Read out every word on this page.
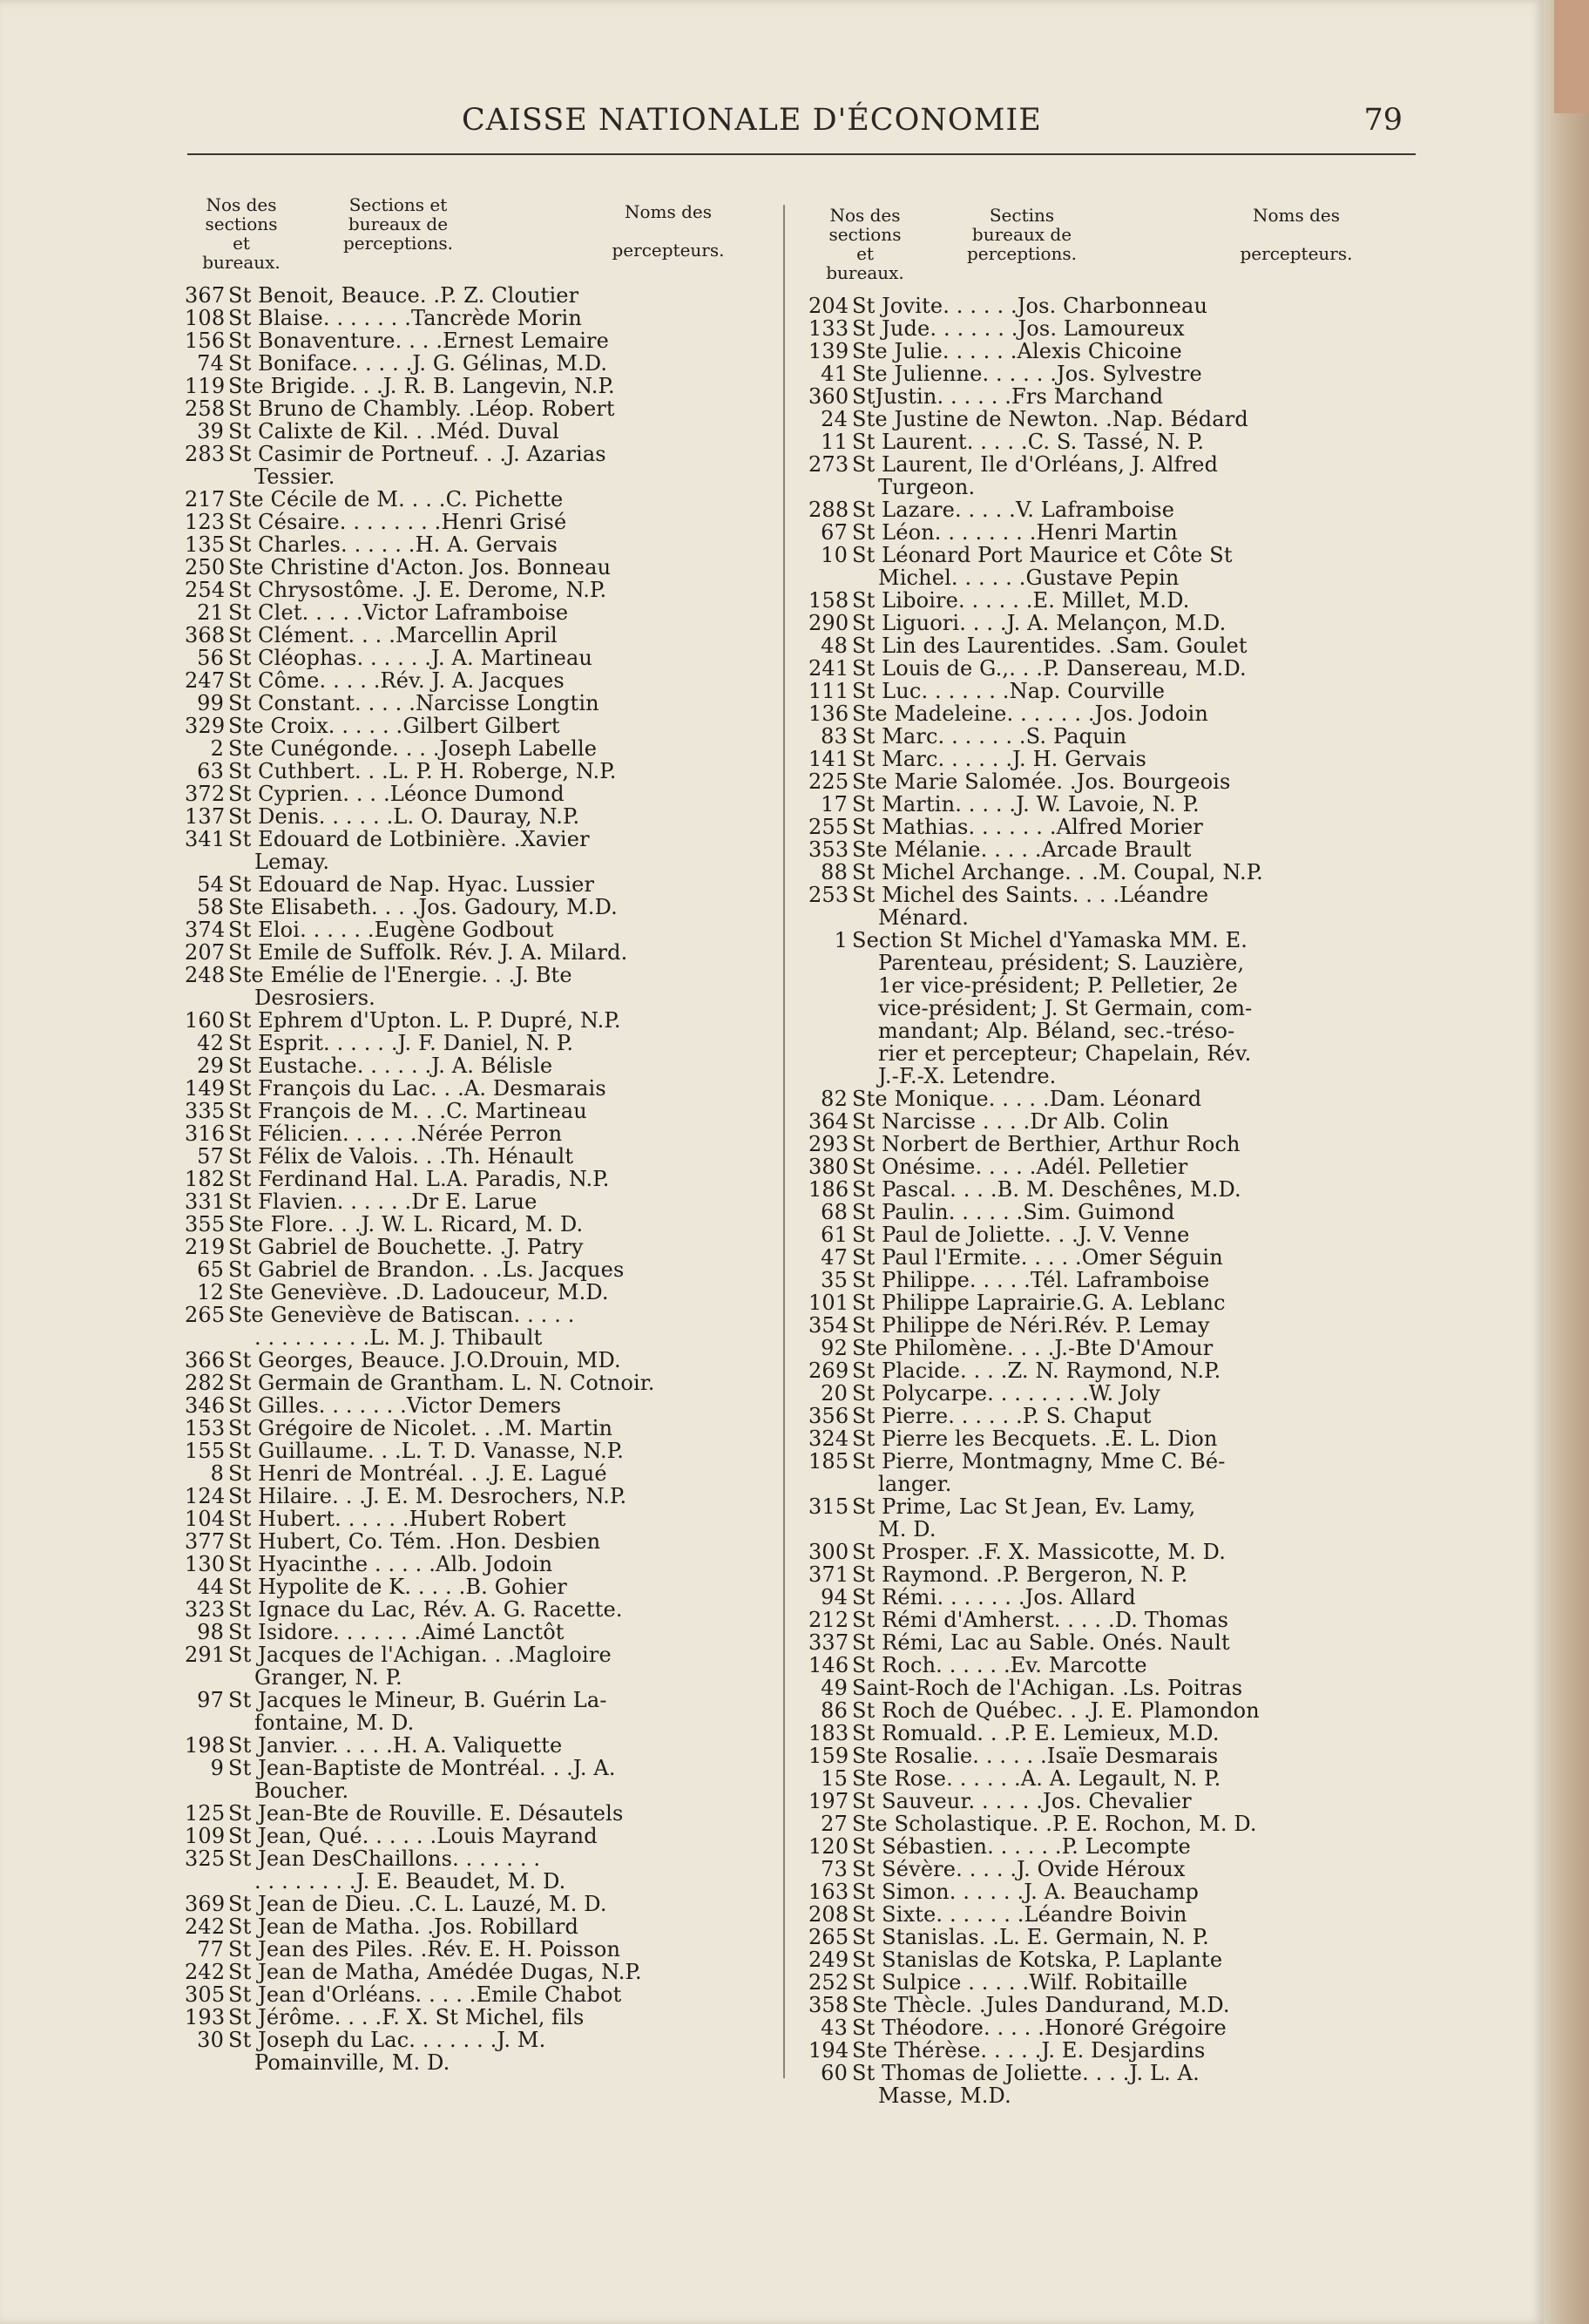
CAISSE NATIONALE D'ÉCONOMIE	79
Nos des
sections
et bureaux.
Sections et
bureaux de
perceptions.
Noms des

percepteurs.
367 St Benoit, Beauce. .P. Z. Cloutier
108 St Blaise. . . . . . .Tancrède Morin
156 St Bonaventure. . . .Ernest Lemaire
74 St Boniface. . . . .J. G. Gélinas, M.D.
119 Ste Brigide. . .J. R. B. Langevin, N.P.
258 St Bruno de Chambly. .Léop. Robert
39 St Calixte de Kil. . .Méd. Duval
283 St Casimir de Portneuf. . .J. Azarias
Tessier.
217 Ste Cécile de M. . . .C. Pichette
123 St Césaire. . . . . . . .Henri Grisé
135 St Charles. . . . . .H. A. Gervais
250 Ste Christine d'Acton. Jos. Bonneau
254 St Chrysostôme. .J. E. Derome, N.P.
21 St Clet. . . . .Victor Laframboise
368 St Clément. . . .Marcellin April
56 St Cléophas. . . . . .J. A. Martineau
247 St Côme. . . . .Rév. J. A. Jacques
99 St Constant. . . . .Narcisse Longtin
329 Ste Croix. . . . . .Gilbert Gilbert
2 Ste Cunégonde. . . .Joseph Labelle
63 St Cuthbert. . .L. P. H. Roberge, N.P.
372 St Cyprien. . . .Léonce Dumond
137 St Denis. . . . . .L. O. Dauray, N.P.
341 St Edouard de Lotbinière. .Xavier
Lemay.
54 St Edouard de Nap. Hyac. Lussier
58 Ste Elisabeth. . . .Jos. Gadoury, M.D.
374 St Eloi. . . . . .Eugène Godbout
207 St Emile de Suffolk. Rév. J. A. Milard.
248 Ste Emélie de l'Energie. . .J. Bte
Desrosiers.
160 St Ephrem d'Upton. L. P. Dupré, N.P.
42 St Esprit. . . . . .J. F. Daniel, N. P.
29 St Eustache. . . . . .J. A. Bélisle
149 St François du Lac. . .A. Desmarais
335 St François de M. . .C. Martineau
316 St Félicien. . . . . .Nérée Perron
57 St Félix de Valois. . .Th. Hénault
182 St Ferdinand Hal. L.A. Paradis, N.P.
331 St Flavien. . . . . .Dr E. Larue
355 Ste Flore. . .J. W. L. Ricard, M. D.
219 St Gabriel de Bouchette. .J. Patry
65 St Gabriel de Brandon. . .Ls. Jacques
12 Ste Geneviève. .D. Ladouceur, M.D.
265 Ste Geneviève de Batiscan. . . . .
. . . . . . . . .L. M. J. Thibault
366 St Georges, Beauce. J.O.Drouin, MD.
282 St Germain de Grantham. L. N. Cotnoir.
346 St Gilles. . . . . . .Victor Demers
153 St Grégoire de Nicolet. . .M. Martin
155 St Guillaume. . .L. T. D. Vanasse, N.P.
8 St Henri de Montréal. . .J. E. Lagué
124 St Hilaire. . .J. E. M. Desrochers, N.P.
104 St Hubert. . . . . .Hubert Robert
377 St Hubert, Co. Tém. .Hon. Desbien
130 St Hyacinthe . . . . .Alb. Jodoin
44 St Hypolite de K. . . . .B. Gohier
323 St Ignace du Lac, Rév. A. G. Racette.
98 St Isidore. . . . . . .Aimé Lanctôt
291 St Jacques de l'Achigan. . .Magloire
Granger, N. P.
97 St Jacques le Mineur, B. Guérin La-
fontaine, M. D.
198 St Janvier. . . . .H. A. Valiquette
9 St Jean-Baptiste de Montréal. . .J. A.
Boucher.
125 St Jean-Bte de Rouville. E. Désautels
109 St Jean, Qué. . . . . .Louis Mayrand
325 St Jean DesChaillons. . . . . . .
. . . . . . . .J. E. Beaudet, M. D.
369 St Jean de Dieu. .C. L. Lauzé, M. D.
242 St Jean de Matha. .Jos. Robillard
77 St Jean des Piles. .Rév. E. H. Poisson
242 St Jean de Matha, Amédée Dugas, N.P.
305 St Jean d'Orléans. . . . .Emile Chabot
193 St Jérôme. . . .F. X. St Michel, fils
30 St Joseph du Lac. . . . . . .J. M.
Pomainville, M. D.
Nos des
sections
et bureaux.
Sectins
bureaux de
perceptions.
Noms des

percepteurs.
204 St Jovite. . . . . .Jos. Charbonneau
133 St Jude. . . . . . .Jos. Lamoureux
139 Ste Julie. . . . . .Alexis Chicoine
41 Ste Julienne. . . . . .Jos. Sylvestre
360 StJustin. . . . . .Frs Marchand
24 Ste Justine de Newton. .Nap. Bédard
11 St Laurent. . . . .C. S. Tassé, N. P.
273 St Laurent, Ile d'Orléans, J. Alfred
Turgeon.
288 St Lazare. . . . .V. Laframboise
67 St Léon. . . . . . . .Henri Martin
10 St Léonard Port Maurice et Côte St
Michel. . . . . .Gustave Pepin
158 St Liboire. . . . . .E. Millet, M.D.
290 St Liguori. . . .J. A. Melançon, M.D.
48 St Lin des Laurentides. .Sam. Goulet
241 St Louis de G.,. . .P. Dansereau, M.D.
111 St Luc. . . . . . .Nap. Courville
136 Ste Madeleine. . . . . . .Jos. Jodoin
83 St Marc. . . . . . .S. Paquin
141 St Marc. . . . . .J. H. Gervais
225 Ste Marie Salomée. .Jos. Bourgeois
17 St Martin. . . . .J. W. Lavoie, N. P.
255 St Mathias. . . . . . .Alfred Morier
353 Ste Mélanie. . . . .Arcade Brault
88 St Michel Archange. . .M. Coupal, N.P.
253 St Michel des Saints. . . .Léandre
Ménard.
1 Section St Michel d'Yamaska MM. E.
Parenteau, président; S. Lauzière,
1er vice-président; P. Pelletier, 2e
vice-président; J. St Germain, com-
mandant; Alp. Béland, sec.-tréso-
rier et percepteur; Chapelain, Rév.
J.-F.-X. Letendre.
82 Ste Monique. . . . .Dam. Léonard
364 St Narcisse . . . .Dr Alb. Colin
293 St Norbert de Berthier, Arthur Roch
380 St Onésime. . . . .Adél. Pelletier
186 St Pascal. . . .B. M. Deschênes, M.D.
68 St Paulin. . . . . .Sim. Guimond
61 St Paul de Joliette. . .J. V. Venne
47 St Paul l'Ermite. . . . .Omer Séguin
35 St Philippe. . . . .Tél. Laframboise
101 St Philippe Laprairie.G. A. Leblanc
354 St Philippe de Néri.Rév. P. Lemay
92 Ste Philomène. . . .J.-Bte D'Amour
269 St Placide. . . .Z. N. Raymond, N.P.
20 St Polycarpe. . . . . . . .W. Joly
356 St Pierre. . . . . .P. S. Chaput
324 St Pierre les Becquets. .E. L. Dion
185 St Pierre, Montmagny, Mme C. Bé-
langer.
315 St Prime, Lac St Jean, Ev. Lamy,
M. D.
300 St Prosper. .F. X. Massicotte, M. D.
371 St Raymond. .P. Bergeron, N. P.
94 St Rémi. . . . . . .Jos. Allard
212 St Rémi d'Amherst. . . . .D. Thomas
337 St Rémi, Lac au Sable. Onés. Nault
146 St Roch. . . . . .Ev. Marcotte
49 Saint-Roch de l'Achigan. .Ls. Poitras
86 St Roch de Québec. . .J. E. Plamondon
183 St Romuald. . .P. E. Lemieux, M.D.
159 Ste Rosalie. . . . . .Isaïe Desmarais
15 Ste Rose. . . . . .A. A. Legault, N. P.
197 St Sauveur. . . . . .Jos. Chevalier
27 Ste Scholastique. .P. E. Rochon, M. D.
120 St Sébastien. . . . . .P. Lecompte
73 St Sévère. . . . .J. Ovide Héroux
163 St Simon. . . . . .J. A. Beauchamp
208 St Sixte. . . . . . .Léandre Boivin
265 St Stanislas. .L. E. Germain, N. P.
249 St Stanislas de Kotska, P. Laplante
252 St Sulpice . . . . .Wilf. Robitaille
358 Ste Thècle. .Jules Dandurand, M.D.
43 St Théodore. . . . .Honoré Grégoire
194 Ste Thérèse. . . . .J. E. Desjardins
60 St Thomas de Joliette. . . .J. L. A.
Masse, M.D.
